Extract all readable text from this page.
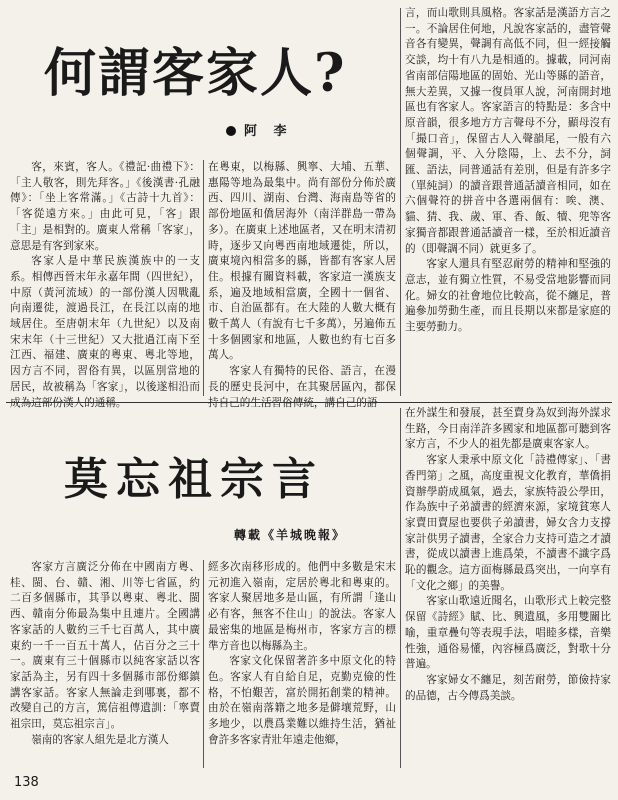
何謂客家人?
阿 李

客，來賓，客人。《禮記·曲禮下》：「主人敬客，則先拜客。」《後漢書·孔融傳》：「坐上客常滿。」《古詩十九首》：「客從遠方來。」由此可見，「客」跟「主」是相對的。廣東人常稱「客家」，意思是有客到家來。

客家人是中華民族漢族中的一支系。相傳西晉末年永嘉年間（四世紀），中原（黃河流域）的一部份漢人因戰亂向南遷徙，渡過長江，在長江以南的地域居住。至唐朝末年（九世紀）以及南宋末年（十三世紀）又大批過江南下至江西、福建、廣東的粵東、粵北等地，因方言不同，習俗有異，以區別當地的居民，故被稱為「客家」，以後遂相沿而成為這部份漢人的通稱。

在粵東，以梅縣、興寧、大埔、五華、惠陽等地為最集中。尚有部份分佈於廣西、四川、湖南、台灣、海南島等省的部份地區和僑居海外（南洋群島一帶為多）。在廣東上述地區者，又在明末清初時，逐步又向粵西南地域遷徙，所以，廣東境內相當多的縣，皆都有客家人居住。根據有關資料載，客家這一漢族支系，遍及地域相當廣，全國十一個省、市、自治區都有。在大陸的人數大概有數千萬人（有說有七千多萬），另遍佈五十多個國家和地區，人數也約有七百多萬人。

客家人有獨特的民俗、語言，在漫長的歷史長河中，在其聚居區內，都保持自己的生活習俗傳統，講自己的語

言，而山歌則具風格。客家話是漢語方言之一。不論居住何地，凡說客家話的，盡管聲音各有變異，聲調有高低不同，但一經接觸交談，均十有八九是相通的。據載，同河南省南部信陽地區的固始、光山等縣的語音，無大差異，又據一復員軍人說，河南開封地區也有客家人。客家語言的特點是：多含中原音韻，很多地方方言聲母不分，顯母沒有「撮口音」，保留古人入聲韻尾，一般有六個聲調，平、入分陰陽，上、去不分，詞匯、語法，同普通話有差別，但是有許多字（單純詞）的讀音跟普通話讀音相同，如在六個聲符的拼音中各選兩個有：唉、澳、貓、猜、我、歲、軍、香、飯、犢、兜等客家獨音都跟普通話讀音一樣，至於相近讀音的（即聲調不同）就更多了。

客家人還具有堅忍耐勞的精神和堅強的意志，並有獨立性質，不易受當地影響而同化。婦女的社會地位比較高，從不纏足，普遍參加勞動生產，而且長期以來都是家庭的主要勞動力。

莫忘祖宗言
轉載《羊城晚報》

客家方言廣泛分佈在中國南方粵、桂、閩、台、贛、湘、川等七省區，約二百多個縣市，其爭以粵東、粵北、閩西、贛南分佈最為集中且連片。全國講客家話的人數約三千七百萬人，其中廣東約一千一百五十萬人，佔百分之三十一。廣東有三十個縣市以純客家話以客家話為主，另有四十多個縣市部份鄉鎮講客家話。客家人無論走到哪裏，都不改變自己的方言，篤信祖傳遺訓：「寧賣祖宗田，莫忘祖宗言」。

嶺南的客家人組先是北方漢人

經多次南移形成的。他們中多數是宋末元初進入嶺南，定居於粵北和粵東的。客家人聚居地多是山區，有所謂「逢山必有客，無客不住山」的說法。客家人最密集的地區是梅州市，客家方言的標準方音也以梅縣為主。

客家文化保留著許多中原文化的特色。客家人有自給自足，克勤克儉的性格，不怕艱苦，富於開拓創業的精神。由於在嶺南落籍之地多是僻壤荒野，山多地少，以農爲業難以維持生活，猶祉會許多客家青壯年遠走他鄉，

在外謀生和發展，甚至賣身為奴到海外謀求生路，今日南洋許多國家和地區都可聽到客家方言，不少人的祖先都是廣東客家人。

客家人秉承中原文化「詩禮傳家」、「書香門第」之風，高度重視文化教育，華僑捐資辦學蔚成風氣，過去，家族特設公學田，作為族中子弟讀書的經濟來源，家境貧寒人家賣田賣屋也要供子弟讀書，婦女含力支撐家計供男子讀書，全家合力支持可造之才讀書，從成以讀書上進爲榮，不讀書不識字爲恥的觀念。這方面梅縣最爲突出，一向享有「文化之鄉」的美譽。

客家山歌遠近聞名，山歌形式上較完整保留《詩經》賦、比、興遺風，多用雙關比喻，重章疊句等表現手法，唱睦多樣，音樂性強，通俗易懂，內容極爲廣泛，對歌十分普遍。

客家婦女不纏足，刻苦耐勞，節儉持家的品德，古今傳爲美談。

138
